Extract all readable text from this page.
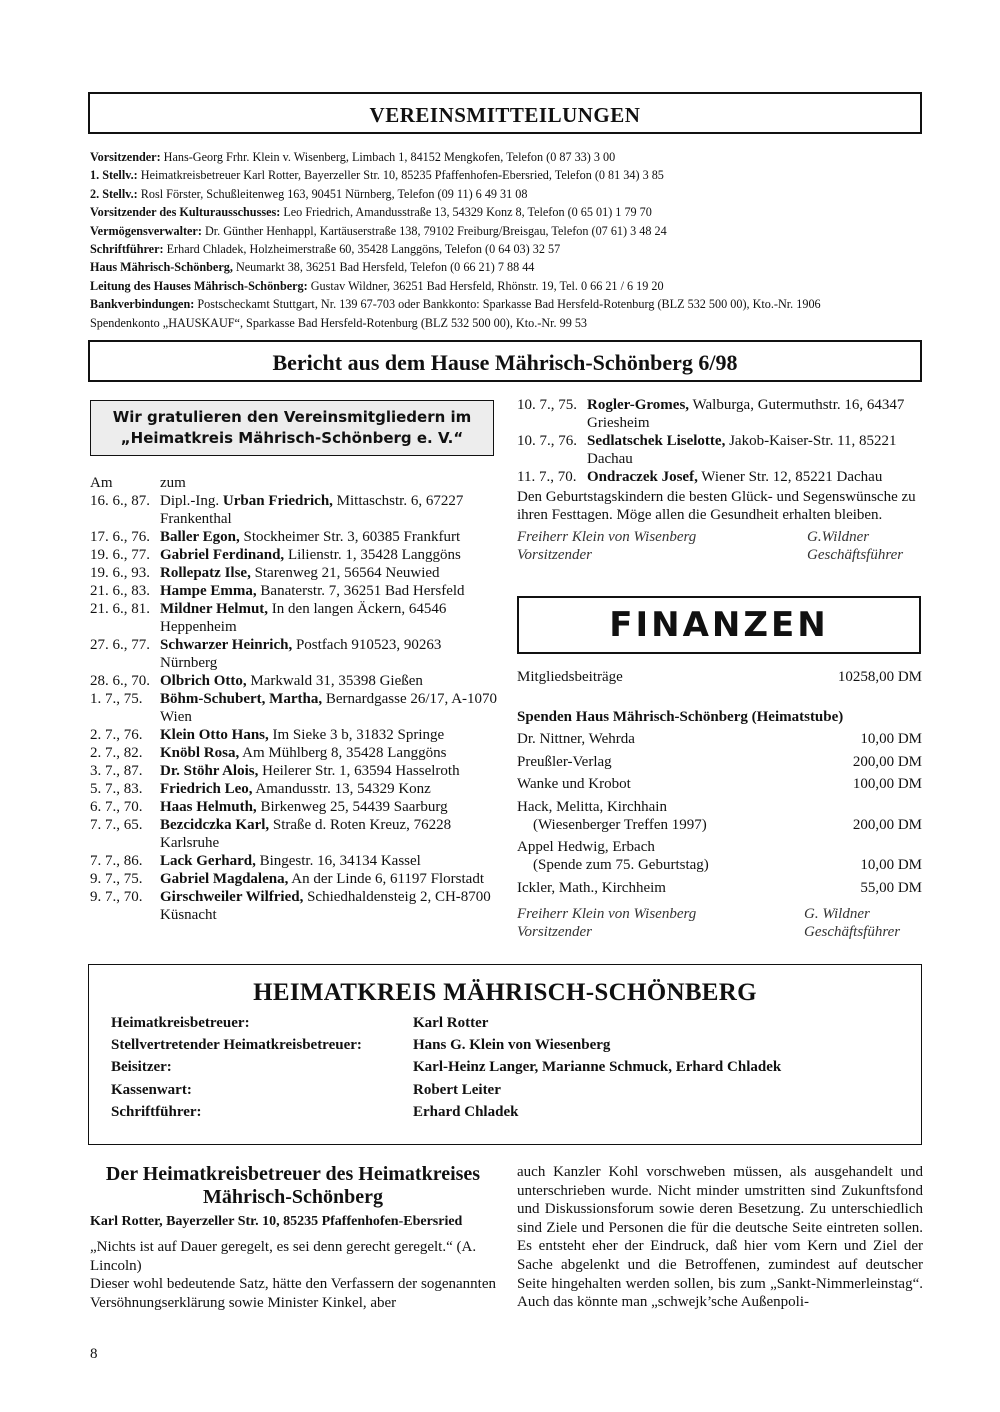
VEREINSMITTEILUNGEN
Vorsitzender: Hans-Georg Frhr. Klein v. Wisenberg, Limbach 1, 84152 Mengkofen, Telefon (0 87 33) 3 00
1. Stellv.: Heimatkreisbetreuer Karl Rotter, Bayerzeller Str. 10, 85235 Pfaffenhofen-Ebersried, Telefon (0 81 34) 3 85
2. Stellv.: Rosl Förster, Schußleitenweg 163, 90451 Nürnberg, Telefon (09 11) 6 49 31 08
Vorsitzender des Kulturausschusses: Leo Friedrich, Amandusstraße 13, 54329 Konz 8, Telefon (0 65 01) 1 79 70
Vermögensverwalter: Dr. Günther Henhappl, Kartäuserstraße 138, 79102 Freiburg/Breisgau, Telefon (07 61) 3 48 24
Schriftführer: Erhard Chladek, Holzheimerstraße 60, 35428 Langgöns, Telefon (0 64 03) 32 57
Haus Mährisch-Schönberg, Neumarkt 38, 36251 Bad Hersfeld, Telefon (0 66 21) 7 88 44
Leitung des Hauses Mährisch-Schönberg: Gustav Wildner, 36251 Bad Hersfeld, Rhönstr. 19, Tel. 0 66 21 / 6 19 20
Bankverbindungen: Postscheckamt Stuttgart, Nr. 139 67-703 oder Bankkonto: Sparkasse Bad Hersfeld-Rotenburg (BLZ 532 500 00), Kto.-Nr. 1906
Spendenkonto „HAUSKAUF“, Sparkasse Bad Hersfeld-Rotenburg (BLZ 532 500 00), Kto.-Nr. 99 53
Bericht aus dem Hause Mährisch-Schönberg 6/98
Wir gratulieren den Vereinsmitgliedern im
„Heimatkreis Mährisch-Schönberg e. V.“
Am	zum
16. 6., 87. Dipl.-Ing. Urban Friedrich, Mittaschstr. 6, 67227 Frankenthal
17. 6., 76. Baller Egon, Stockheimer Str. 3, 60385 Frankfurt
19. 6., 77. Gabriel Ferdinand, Lilienstr. 1, 35428 Langgöns
19. 6., 93. Rollepatz Ilse, Starenweg 21, 56564 Neuwied
21. 6., 83. Hampe Emma, Banaterstr. 7, 36251 Bad Hersfeld
21. 6., 81. Mildner Helmut, In den langen Äckern, 64546 Heppenheim
27. 6., 77. Schwarzer Heinrich, Postfach 910523, 90263 Nürnberg
28. 6., 70. Olbrich Otto, Markwald 31, 35398 Gießen
1. 7., 75.	Böhm-Schubert, Martha, Bernardgasse 26/17, A-1070 Wien
2. 7., 76.	Klein Otto Hans, Im Sieke 3 b, 31832 Springe
2. 7., 82.	Knöbl Rosa, Am Mühlberg 8, 35428 Langgöns
3. 7., 87.	Dr. Stöhr Alois, Heilerer Str. 1, 63594 Hasselroth
5. 7., 83.	Friedrich Leo, Amandusstr. 13, 54329 Konz
6. 7., 70.	Haas Helmuth, Birkenweg 25, 54439 Saarburg
7. 7., 65.	Bezcidczka Karl, Straße d. Roten Kreuz, 76228 Karlsruhe
7. 7., 86.	Lack Gerhard, Bingestr. 16, 34134 Kassel
9. 7., 75.	Gabriel Magdalena, An der Linde 6, 61197 Florstadt
9. 7., 70.	Girschweiler Wilfried, Schiedhaldensteig 2, CH-8700 Küsnacht
10. 7., 75. Rogler-Gromes, Walburga, Gutermuthstr. 16, 64347 Griesheim
10. 7., 76. Sedlatschek Liselotte, Jakob-Kaiser-Str. 11, 85221 Dachau
11. 7., 70. Ondraczek Josef, Wiener Str. 12, 85221 Dachau
Den Geburtstagskindern die besten Glück- und Segenswünsche zu ihren Festtagen. Möge allen die Gesundheit erhalten bleiben.
Freiherr Klein von Wisenberg
Vorsitzender
G.Wildner
Geschäftsführer
FINANZEN
Mitgliedsbeiträge	10258,00 DM
Spenden Haus Mährisch-Schönberg (Heimatstube)
Dr. Nittner, Wehrda	10,00 DM
Preußler-Verlag	200,00 DM
Wanke und Krobot	100,00 DM
Hack, Melitta, Kirchhain
(Wiesenberger Treffen 1997)	200,00 DM
Appel Hedwig, Erbach
(Spende zum 75. Geburtstag)	10,00 DM
Ickler, Math., Kirchheim	55,00 DM
Freiherr Klein von Wisenberg
Vorsitzender
G. Wildner
Geschäftsführer
HEIMATKREIS MÄHRISCH-SCHÖNBERG
Heimatkreisbetreuer:	Karl Rotter
Stellvertretender Heimatkreisbetreuer:	Hans G. Klein von Wiesenberg
Beisitzer:	Karl-Heinz Langer, Marianne Schmuck, Erhard Chladek
Kassenwart:	Robert Leiter
Schriftführer:	Erhard Chladek
Der Heimatkreisbetreuer des Heimatkreises
Mährisch-Schönberg
Karl Rotter, Bayerzeller Str. 10, 85235 Pfaffenhofen-Ebersried
„Nichts ist auf Dauer geregelt, es sei denn gerecht geregelt.“ (A. Lincoln)
Dieser wohl bedeutende Satz, hätte den Verfassern der sogenannten Versöhnungserklärung sowie Minister Kinkel, aber
auch Kanzler Kohl vorschweben müssen, als ausgehandelt und unterschrieben wurde. Nicht minder umstritten sind Zukunftsfond und Diskussionsforum sowie deren Besetzung. Zu unterschiedlich sind Ziele und Personen die für die deutsche Seite eintreten sollen. Es entsteht eher der Eindruck, daß hier vom Kern und Ziel der Sache abgelenkt und die Betroffenen, zumindest auf deutscher Seite hingehalten werden sollen, bis zum „Sankt-Nimmerleinstag“. Auch das könnte man „schwejk’sche Außenpoli-
8
